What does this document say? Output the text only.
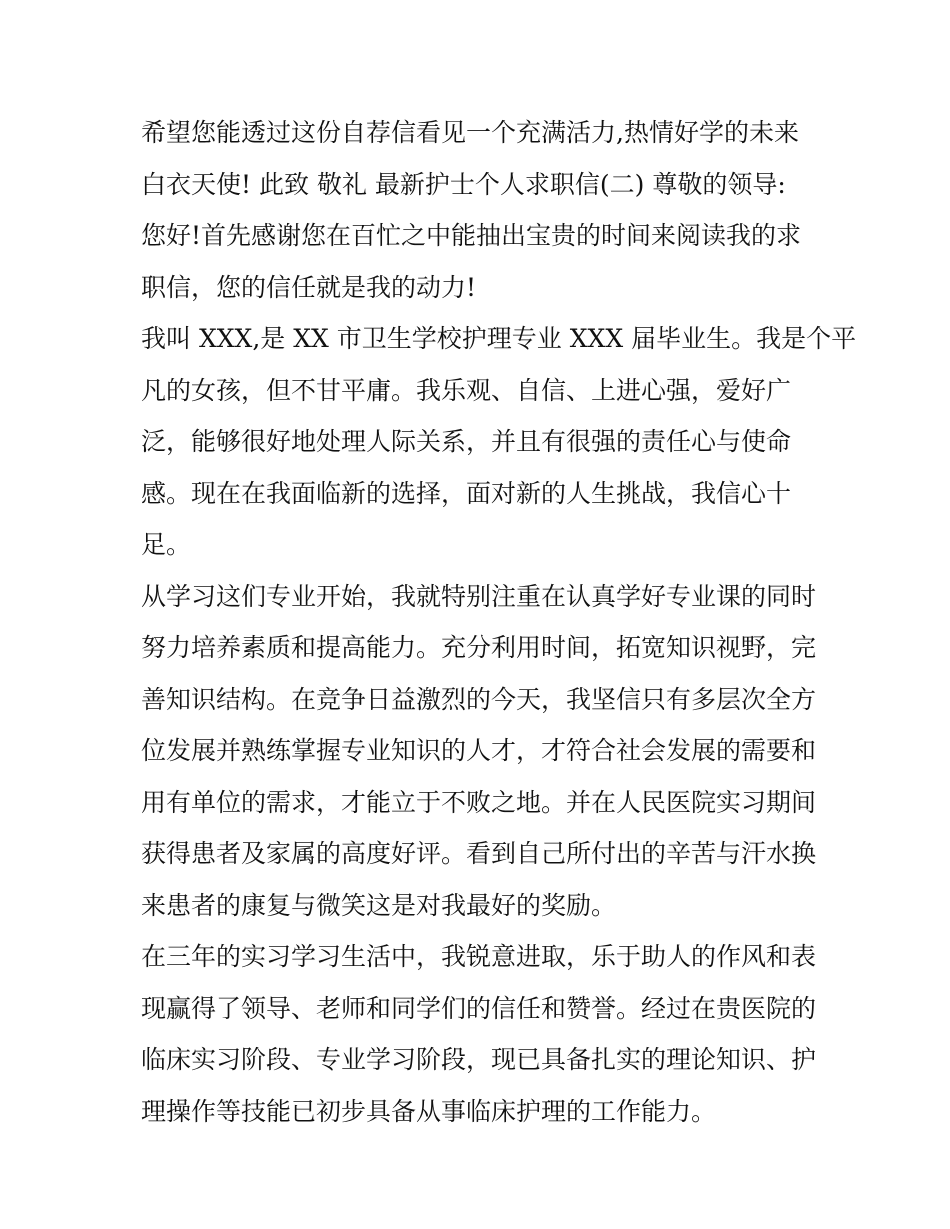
希望您能透过这份自荐信看见一个充满活力,热情好学的未来
白衣天使! 此致 敬礼 最新护士个人求职信(二) 尊敬的领导:

您好!首先感谢您在百忙之中能抽出宝贵的时间来阅读我的求
职信，您的信任就是我的动力!

我叫 XXX,是 XX 市卫生学校护理专业 XXX 届毕业生。我是个平
凡的女孩，但不甘平庸。我乐观、自信、上进心强，爱好广
泛，能够很好地处理人际关系，并且有很强的责任心与使命
感。现在在我面临新的选择，面对新的人生挑战，我信心十
足。

从学习这们专业开始，我就特别注重在认真学好专业课的同时
努力培养素质和提高能力。充分利用时间，拓宽知识视野，完
善知识结构。在竞争日益激烈的今天，我坚信只有多层次全方
位发展并熟练掌握专业知识的人才，才符合社会发展的需要和
用有单位的需求，才能立于不败之地。并在人民医院实习期间
获得患者及家属的高度好评。看到自己所付出的辛苦与汗水换
来患者的康复与微笑这是对我最好的奖励。

在三年的实习学习生活中，我锐意进取，乐于助人的作风和表
现赢得了领导、老师和同学们的信任和赞誉。经过在贵医院的
临床实习阶段、专业学习阶段，现已具备扎实的理论知识、护
理操作等技能已初步具备从事临床护理的工作能力。
